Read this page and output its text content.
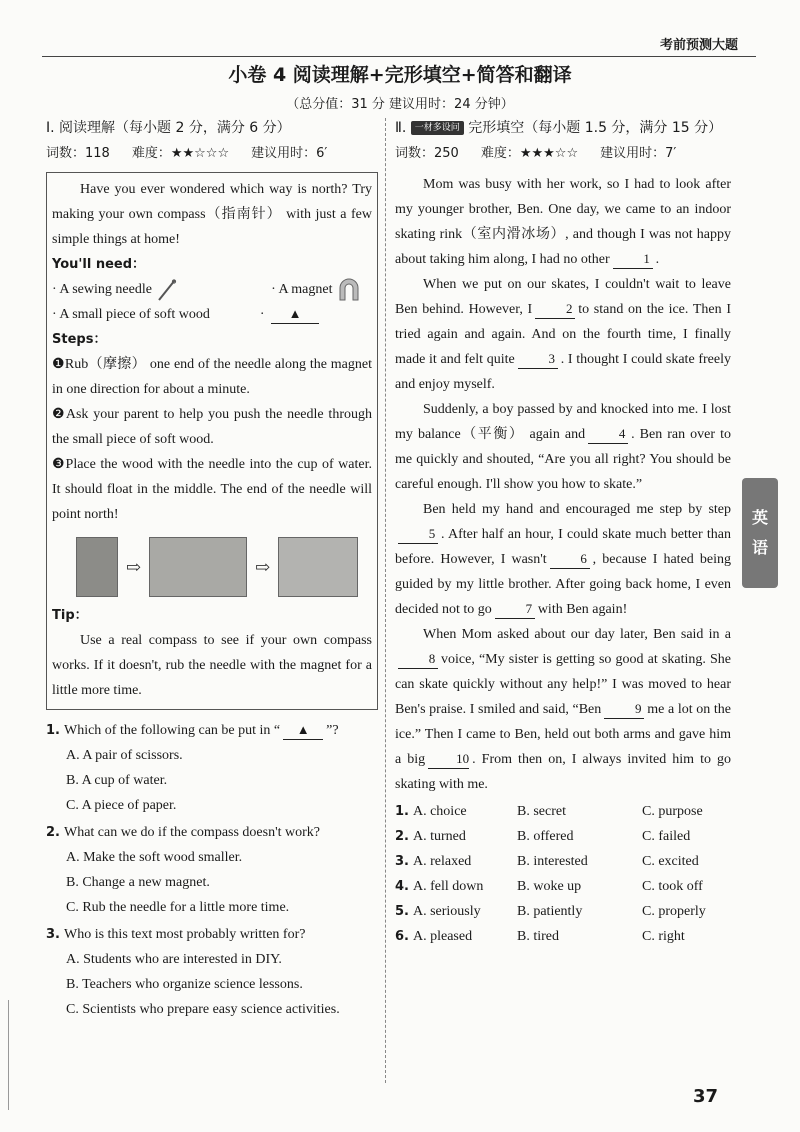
考前预测大题
小卷 4 阅读理解+完形填空+简答和翻译
（总分值：31 分 建议用时：24 分钟）
Ⅰ. 阅读理解（每小题 2 分，满分 6 分）
词数：118 难度：★★☆☆☆ 建议用时：6′

Have you ever wondered which way is north? Try making your own compass（指南针） with just a few simple things at home!

You'll need：
· A sewing needle	· A magnet
· A small piece of soft wood	· ▲
Steps：

❶Rub（摩擦） one end of the needle along the magnet in one direction for about a minute.

❷Ask your parent to help you push the needle through the small piece of soft wood.

❸Place the wood with the needle into the cup of water. It should float in the middle. The end of the needle will point north!

⇨	⇨
Tip：

Use a real compass to see if your own compass works. If it doesn't, rub the needle with the magnet for a little more time.

1. Which of the following can be put in “ ▲ ”?
A. A pair of scissors.
B. A cup of water.
C. A piece of paper.
2. What can we do if the compass doesn't work?
A. Make the soft wood smaller.
B. Change a new magnet.
C. Rub the needle for a little more time.
3. Who is this text most probably written for?
A. Students who are interested in DIY.
B. Teachers who organize science lessons.
C. Scientists who prepare easy science activities.
Ⅱ. 一材多设问 完形填空（每小题 1.5 分，满分 15 分）
词数：250 难度：★★★☆☆ 建议用时：7′

Mom was busy with her work, so I had to look after my younger brother, Ben. One day, we came to an indoor skating rink（室内滑冰场）, and though I was not happy about taking him along, I had no other	1 .

When we put on our skates, I couldn't wait to leave Ben behind. However, I	2 to stand on the ice. Then I tried again and again. And on the fourth time, I finally made it and felt quite	3 . I thought I could skate freely and enjoy myself.

Suddenly, a boy passed by and knocked into me. I lost my balance（平衡） again and	4 . Ben ran over to me quickly and shouted, “Are you all right? You should be careful enough. I'll show you how to skate.”

Ben held my hand and encouraged me step by step5 . After half an hour, I could skate much better than before. However, I wasn't	6 , because I hated being guided by my little brother. After going back home, I even decided not to go	7 with Ben again!

When Mom asked about our day later, Ben said in a8 voice, “My sister is getting so good at skating. She can skate quickly without any help!” I was moved to hear Ben's praise. I smiled and said, “Ben	9 me a lot on the ice.” Then I came to Ben, held out both arms and gave him a big 10 . From then on, I always invited him to go skating with me.

1. A. choice	B. secret	C. purpose
2. A. turned	B. offered	C. failed
3. A. relaxed	B. interested	C. excited
4. A. fell down	B. woke up	C. took off
5. A. seriously	B. patiently	C. properly
6. A. pleased	B. tired	C. right
英
语
37
